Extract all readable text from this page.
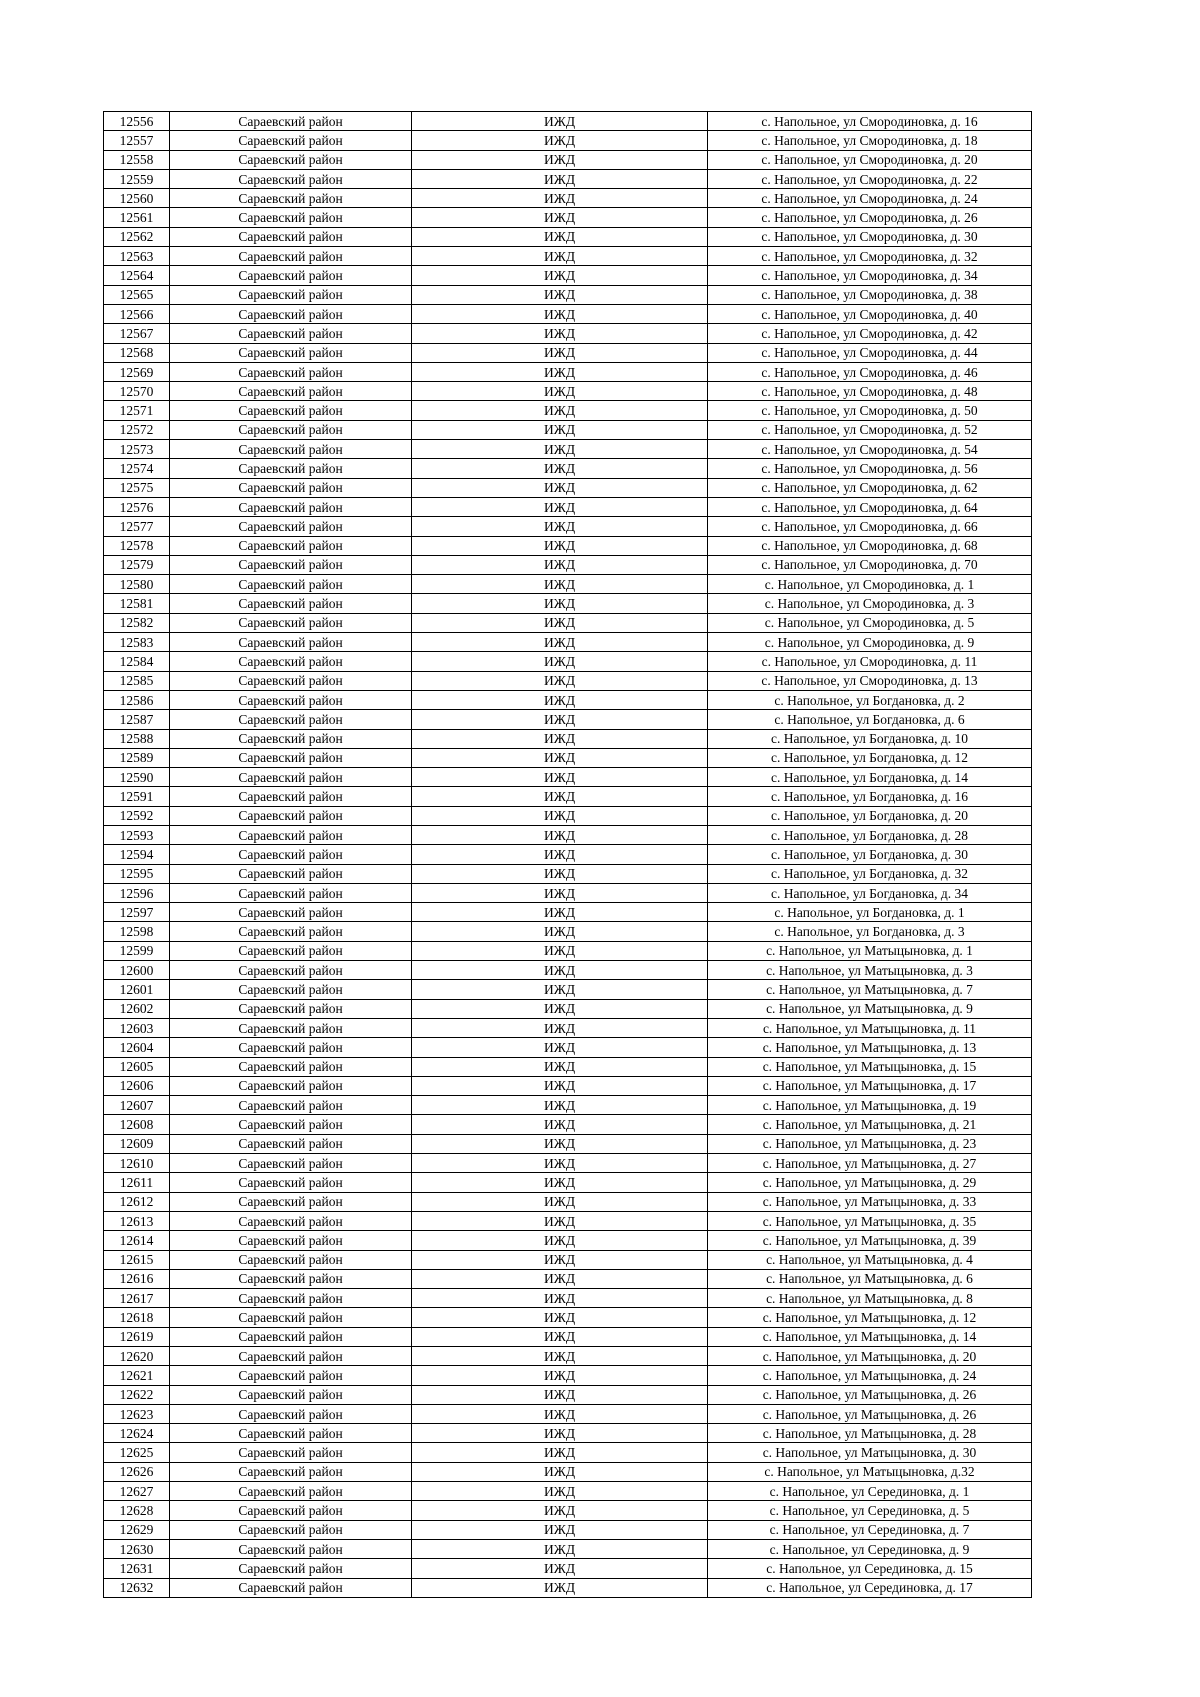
12556	Сараевский район	ИЖД	с. Напольное, ул Смородиновка, д. 16
12557	Сараевский район	ИЖД	с. Напольное, ул Смородиновка, д. 18
12558	Сараевский район	ИЖД	с. Напольное, ул Смородиновка, д. 20
12559	Сараевский район	ИЖД	с. Напольное, ул Смородиновка, д. 22
12560	Сараевский район	ИЖД	с. Напольное, ул Смородиновка, д. 24
12561	Сараевский район	ИЖД	с. Напольное, ул Смородиновка, д. 26
12562	Сараевский район	ИЖД	с. Напольное, ул Смородиновка, д. 30
12563	Сараевский район	ИЖД	с. Напольное, ул Смородиновка, д. 32
12564	Сараевский район	ИЖД	с. Напольное, ул Смородиновка, д. 34
12565	Сараевский район	ИЖД	с. Напольное, ул Смородиновка, д. 38
12566	Сараевский район	ИЖД	с. Напольное, ул Смородиновка, д. 40
12567	Сараевский район	ИЖД	с. Напольное, ул Смородиновка, д. 42
12568	Сараевский район	ИЖД	с. Напольное, ул Смородиновка, д. 44
12569	Сараевский район	ИЖД	с. Напольное, ул Смородиновка, д. 46
12570	Сараевский район	ИЖД	с. Напольное, ул Смородиновка, д. 48
12571	Сараевский район	ИЖД	с. Напольное, ул Смородиновка, д. 50
12572	Сараевский район	ИЖД	с. Напольное, ул Смородиновка, д. 52
12573	Сараевский район	ИЖД	с. Напольное, ул Смородиновка, д. 54
12574	Сараевский район	ИЖД	с. Напольное, ул Смородиновка, д. 56
12575	Сараевский район	ИЖД	с. Напольное, ул Смородиновка, д. 62
12576	Сараевский район	ИЖД	с. Напольное, ул Смородиновка, д. 64
12577	Сараевский район	ИЖД	с. Напольное, ул Смородиновка, д. 66
12578	Сараевский район	ИЖД	с. Напольное, ул Смородиновка, д. 68
12579	Сараевский район	ИЖД	с. Напольное, ул Смородиновка, д. 70
12580	Сараевский район	ИЖД	с. Напольное, ул Смородиновка, д. 1
12581	Сараевский район	ИЖД	с. Напольное, ул Смородиновка, д. 3
12582	Сараевский район	ИЖД	с. Напольное, ул Смородиновка, д. 5
12583	Сараевский район	ИЖД	с. Напольное, ул Смородиновка, д. 9
12584	Сараевский район	ИЖД	с. Напольное, ул Смородиновка, д. 11
12585	Сараевский район	ИЖД	с. Напольное, ул Смородиновка, д. 13
12586	Сараевский район	ИЖД	с. Напольное, ул Богдановка, д. 2
12587	Сараевский район	ИЖД	с. Напольное, ул Богдановка, д. 6
12588	Сараевский район	ИЖД	с. Напольное, ул Богдановка, д. 10
12589	Сараевский район	ИЖД	с. Напольное, ул Богдановка, д. 12
12590	Сараевский район	ИЖД	с. Напольное, ул Богдановка, д. 14
12591	Сараевский район	ИЖД	с. Напольное, ул Богдановка, д. 16
12592	Сараевский район	ИЖД	с. Напольное, ул Богдановка, д. 20
12593	Сараевский район	ИЖД	с. Напольное, ул Богдановка, д. 28
12594	Сараевский район	ИЖД	с. Напольное, ул Богдановка, д. 30
12595	Сараевский район	ИЖД	с. Напольное, ул Богдановка, д. 32
12596	Сараевский район	ИЖД	с. Напольное, ул Богдановка, д. 34
12597	Сараевский район	ИЖД	с. Напольное, ул Богдановка, д. 1
12598	Сараевский район	ИЖД	с. Напольное, ул Богдановка, д. 3
12599	Сараевский район	ИЖД	с. Напольное, ул Матыцыновка, д. 1
12600	Сараевский район	ИЖД	с. Напольное, ул Матыцыновка, д. 3
12601	Сараевский район	ИЖД	с. Напольное, ул Матыцыновка, д. 7
12602	Сараевский район	ИЖД	с. Напольное, ул Матыцыновка, д. 9
12603	Сараевский район	ИЖД	с. Напольное, ул Матыцыновка, д. 11
12604	Сараевский район	ИЖД	с. Напольное, ул Матыцыновка, д. 13
12605	Сараевский район	ИЖД	с. Напольное, ул Матыцыновка, д. 15
12606	Сараевский район	ИЖД	с. Напольное, ул Матыцыновка, д. 17
12607	Сараевский район	ИЖД	с. Напольное, ул Матыцыновка, д. 19
12608	Сараевский район	ИЖД	с. Напольное, ул Матыцыновка, д. 21
12609	Сараевский район	ИЖД	с. Напольное, ул Матыцыновка, д. 23
12610	Сараевский район	ИЖД	с. Напольное, ул Матыцыновка, д. 27
12611	Сараевский район	ИЖД	с. Напольное, ул Матыцыновка, д. 29
12612	Сараевский район	ИЖД	с. Напольное, ул Матыцыновка, д. 33
12613	Сараевский район	ИЖД	с. Напольное, ул Матыцыновка, д. 35
12614	Сараевский район	ИЖД	с. Напольное, ул Матыцыновка, д. 39
12615	Сараевский район	ИЖД	с. Напольное, ул Матыцыновка, д. 4
12616	Сараевский район	ИЖД	с. Напольное, ул Матыцыновка, д. 6
12617	Сараевский район	ИЖД	с. Напольное, ул Матыцыновка, д. 8
12618	Сараевский район	ИЖД	с. Напольное, ул Матыцыновка, д. 12
12619	Сараевский район	ИЖД	с. Напольное, ул Матыцыновка, д. 14
12620	Сараевский район	ИЖД	с. Напольное, ул Матыцыновка, д. 20
12621	Сараевский район	ИЖД	с. Напольное, ул Матыцыновка, д. 24
12622	Сараевский район	ИЖД	с. Напольное, ул Матыцыновка, д. 26
12623	Сараевский район	ИЖД	с. Напольное, ул Матыцыновка, д. 26
12624	Сараевский район	ИЖД	с. Напольное, ул Матыцыновка, д. 28
12625	Сараевский район	ИЖД	с. Напольное, ул Матыцыновка, д. 30
12626	Сараевский район	ИЖД	с. Напольное, ул Матыцыновка, д.32
12627	Сараевский район	ИЖД	с. Напольное, ул Серединовка, д. 1
12628	Сараевский район	ИЖД	с. Напольное, ул Серединовка, д. 5
12629	Сараевский район	ИЖД	с. Напольное, ул Серединовка, д. 7
12630	Сараевский район	ИЖД	с. Напольное, ул Серединовка, д. 9
12631	Сараевский район	ИЖД	с. Напольное, ул Серединовка, д. 15
12632	Сараевский район	ИЖД	с. Напольное, ул Серединовка, д. 17
